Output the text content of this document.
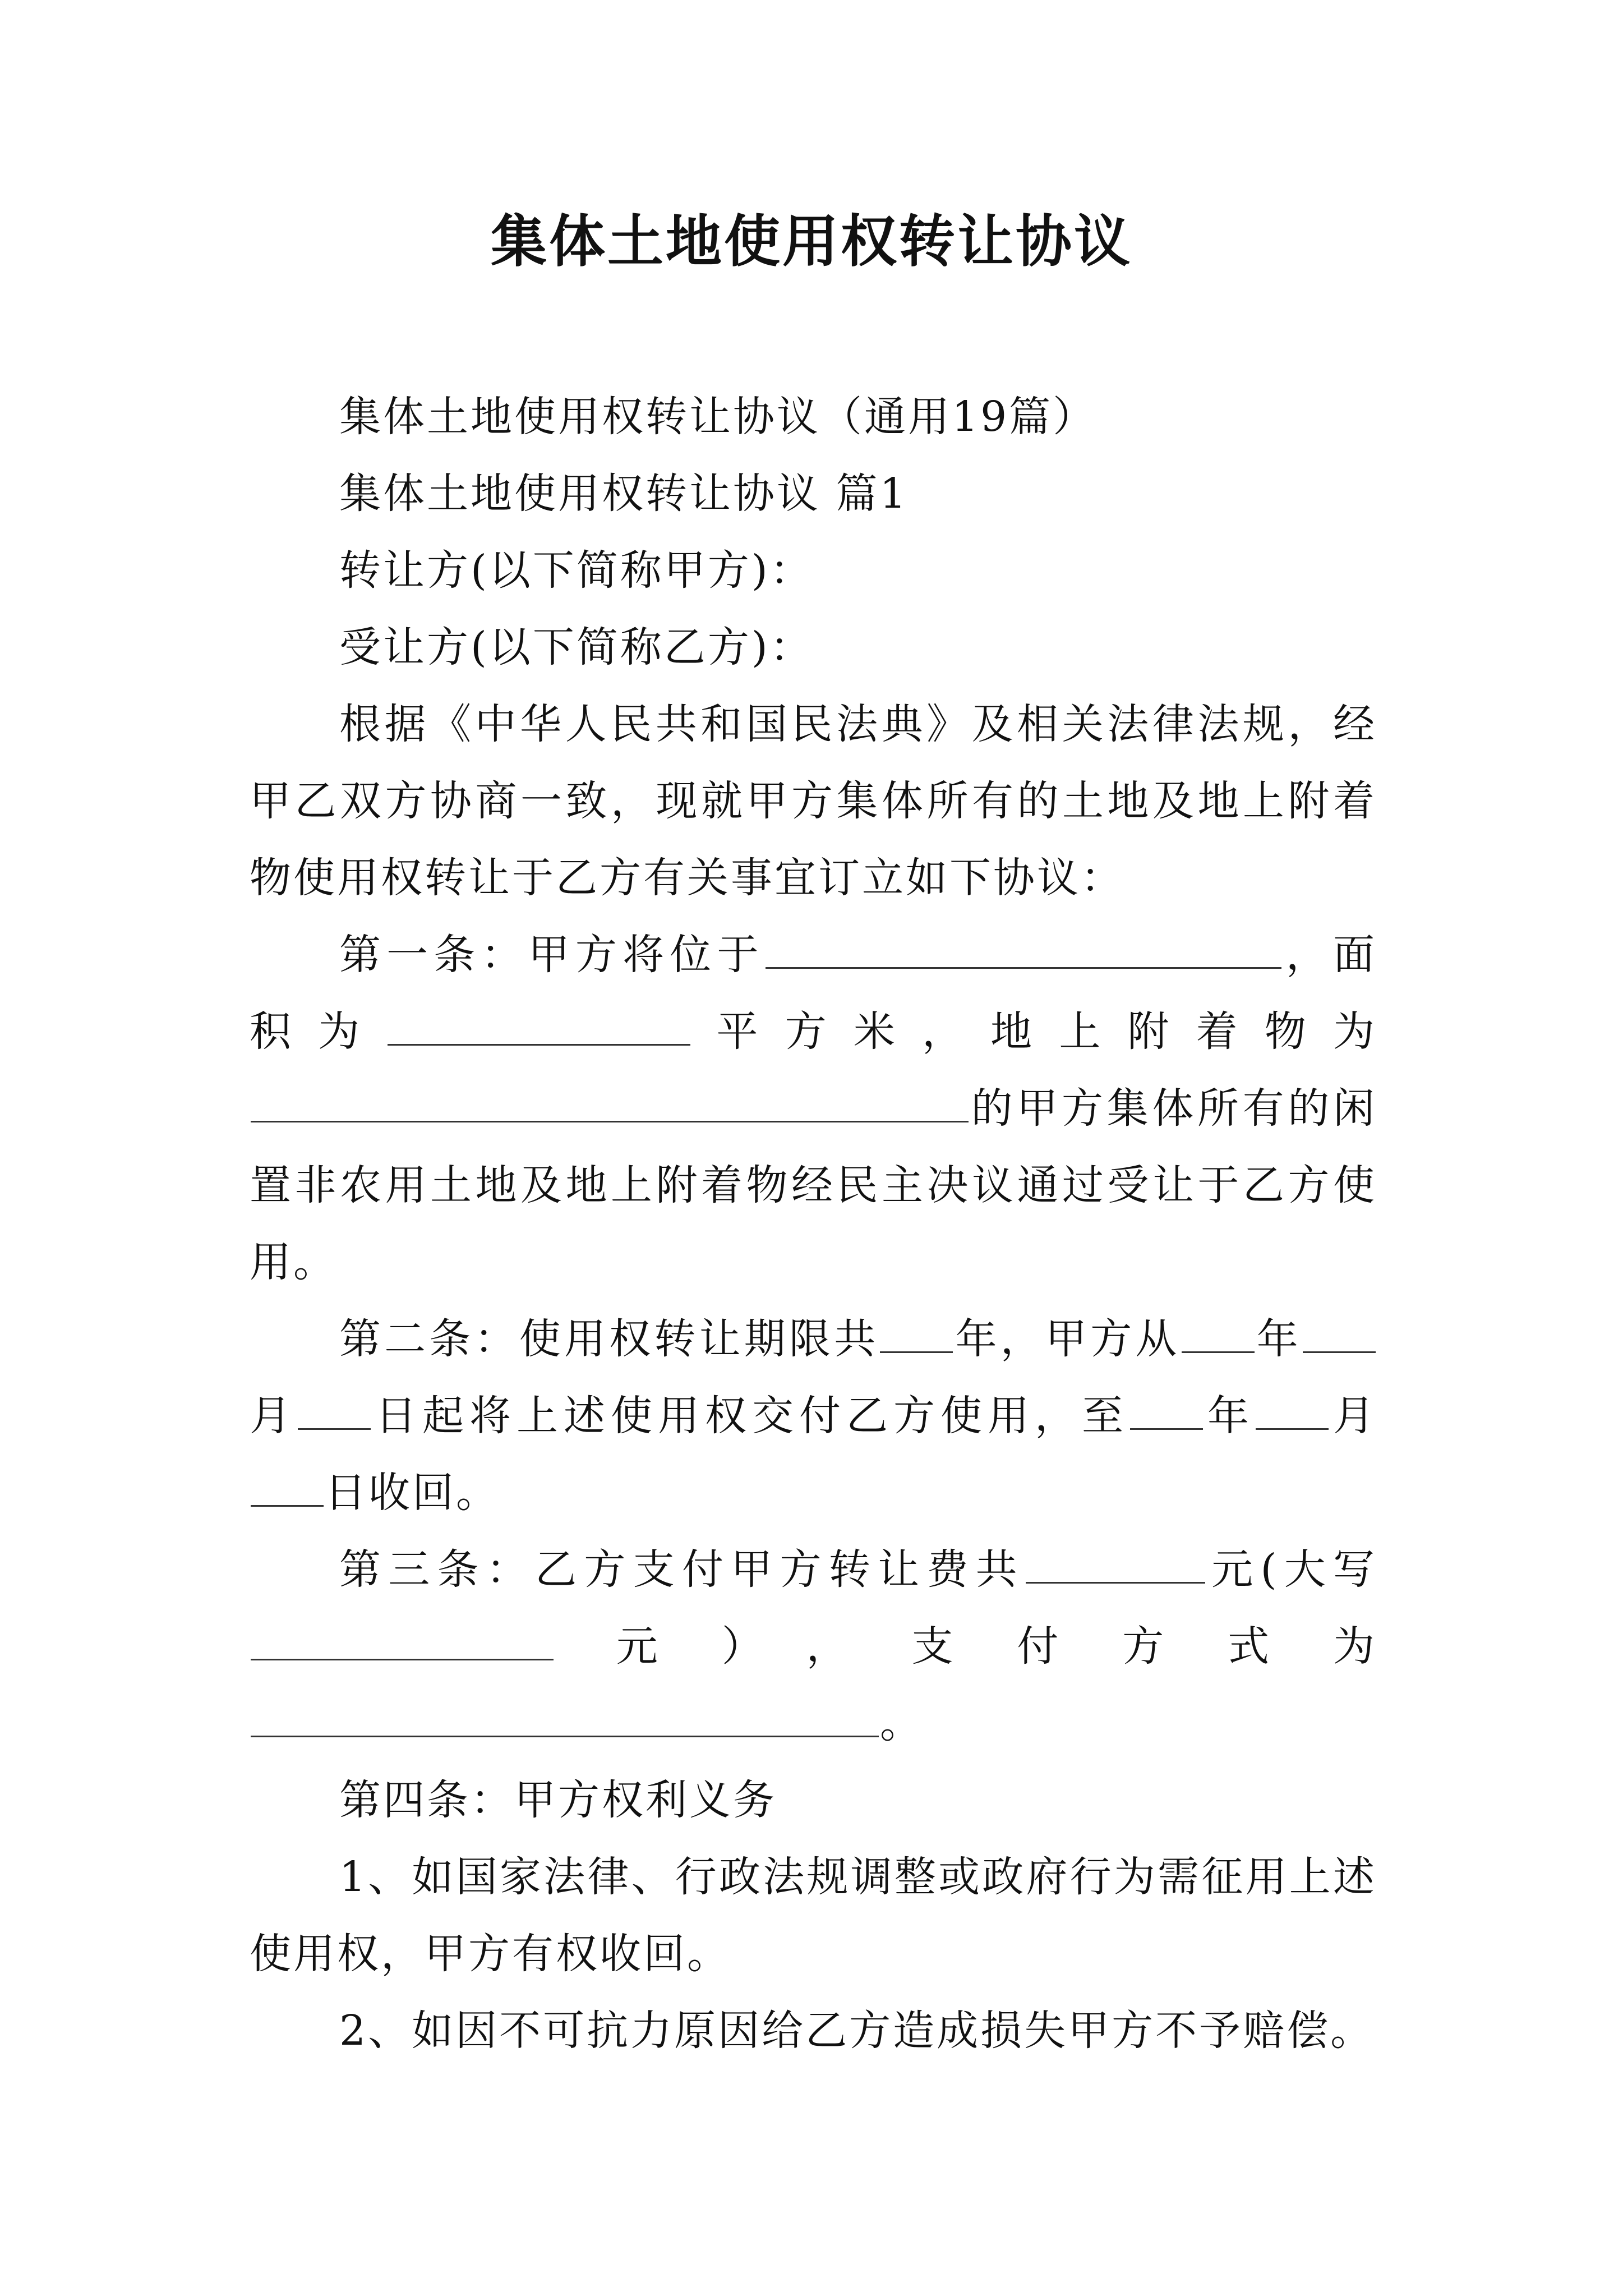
集体土地使用权转让协议

集体土地使用权转让协议（通用19篇）

集体土地使用权转让协议 篇1

转让方(以下简称甲方)：

受让方(以下简称乙方)：

根据《中华人民共和国民法典》及相关法律法规，经甲乙双方协商一致，现就甲方集体所有的土地及地上附着物使用权转让于乙方有关事宜订立如下协议：

第一条：甲方将位于	，面积为	平方米，地上附着物为的甲方集体所有的闲置非农用土地及地上附着物经民主决议通过受让于乙方使用。

第二条：使用权转让期限共 年，甲方从 年月 日起将上述使用权交付乙方使用，至 年 月日收回。

第三条：乙方支付甲方转让费共	元(大写元），支付方式为。

第四条：甲方权利义务

1、如国家法律、行政法规调整或政府行为需征用上述使用权，甲方有权收回。

2、如因不可抗力原因给乙方造成损失甲方不予赔偿。
